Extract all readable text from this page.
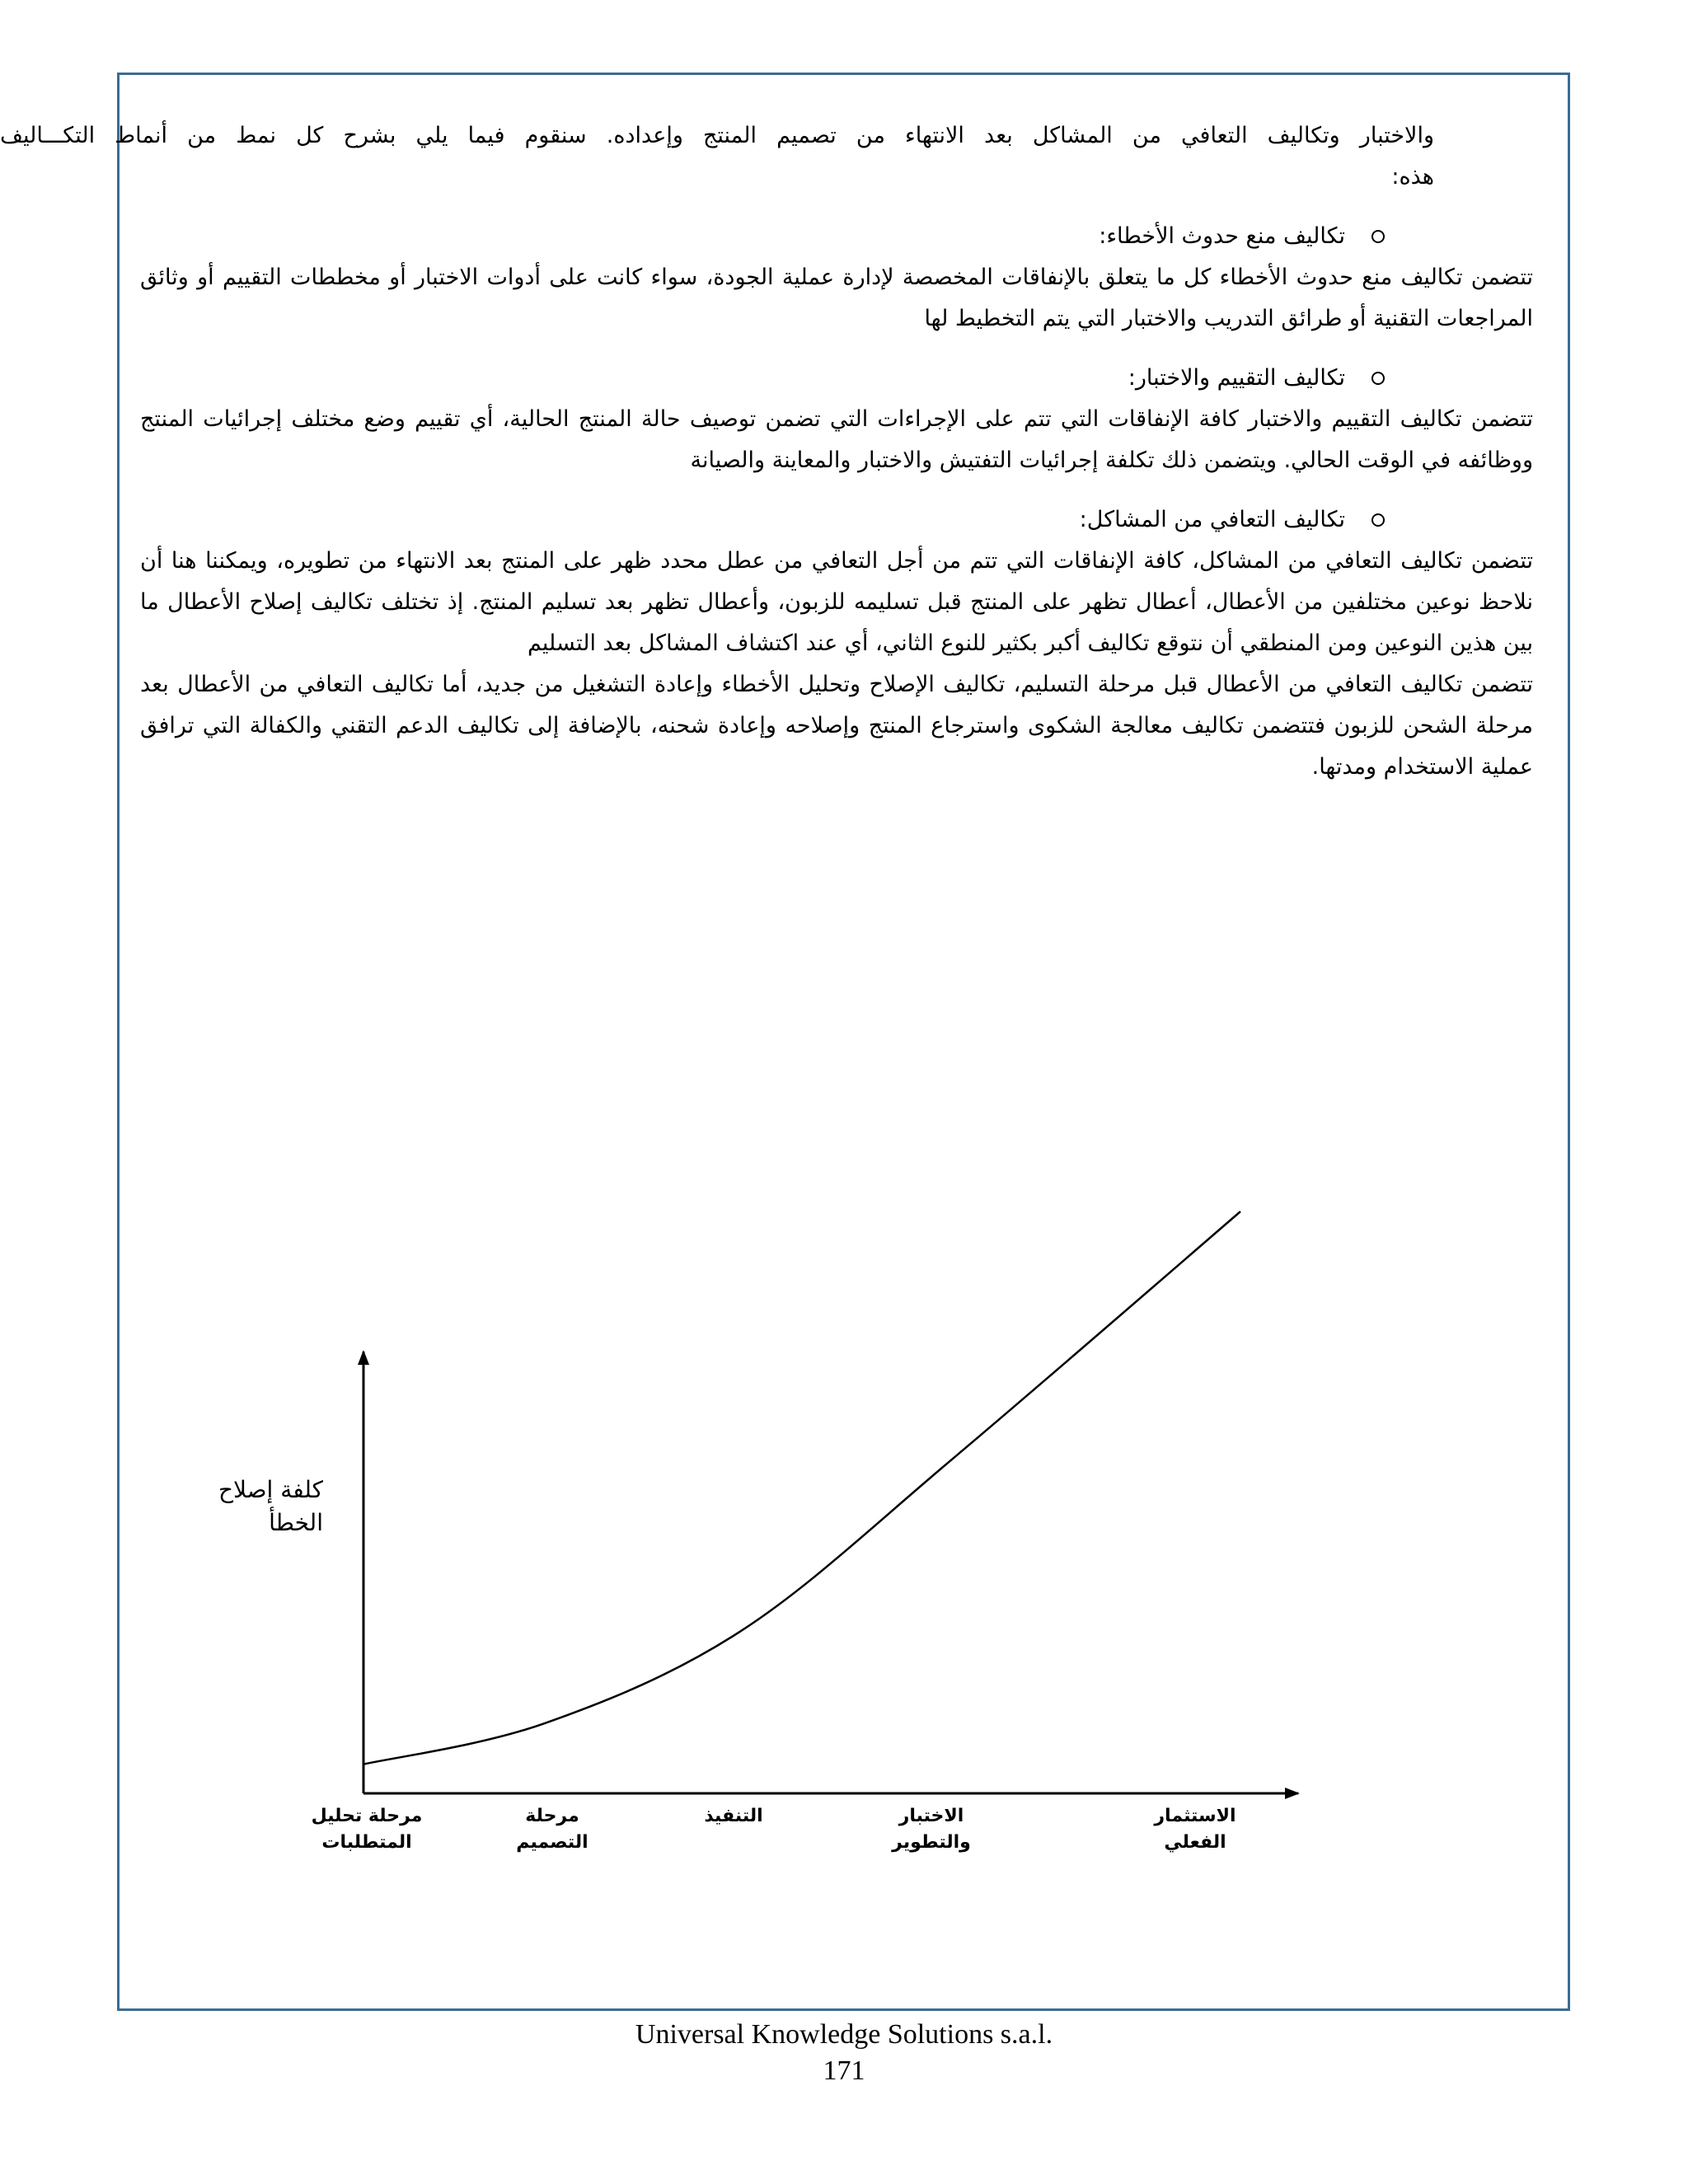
والاختبار وتكاليف التعافي من المشاكل بعد الانتهاء من تصميم المنتج وإعداده. سنقوم فيما يلي بشرح كل نمط من أنماط التكـــاليف

هذه:

تكاليف منع حدوث الأخطاء:

تتضمن تكاليف منع حدوث الأخطاء كل ما يتعلق بالإنفاقات المخصصة لإدارة عملية الجودة، سواء كانت على أدوات الاختبار أو مخططات التقييم أو وثائق المراجعات التقنية أو طرائق التدريب والاختبار التي يتم التخطيط لها

تكاليف التقييم والاختبار:

تتضمن تكاليف التقييم والاختبار كافة الإنفاقات التي تتم على الإجراءات التي تضمن توصيف حالة المنتج الحالية، أي تقييم وضع مختلف إجرائيات المنتج ووظائفه في الوقت الحالي. ويتضمن ذلك تكلفة إجرائيات التفتيش والاختبار والمعاينة والصيانة

تكاليف التعافي من المشاكل:

تتضمن تكاليف التعافي من المشاكل، كافة الإنفاقات التي تتم من أجل التعافي من عطل محدد ظهر على المنتج بعد الانتهاء من تطويره، ويمكننا هنا أن نلاحظ نوعين مختلفين من الأعطال، أعطال تظهر على المنتج قبل تسليمه للزبون، وأعطال تظهر بعد تسليم المنتج. إذ تختلف تكاليف إصلاح الأعطال ما بين هذين النوعين ومن المنطقي أن نتوقع تكاليف أكبر بكثير للنوع الثاني، أي عند اكتشاف المشاكل بعد التسليم

تتضمن تكاليف التعافي من الأعطال قبل مرحلة التسليم، تكاليف الإصلاح وتحليل الأخطاء وإعادة التشغيل من جديد، أما تكاليف التعافي من الأعطال بعد مرحلة الشحن للزبون فتتضمن تكاليف معالجة الشكوى واسترجاع المنتج وإصلاحه وإعادة شحنه، بالإضافة إلى تكاليف الدعم التقني والكفالة التي ترافق عملية الاستخدام ومدتها.

كلفة إصلاح
الخطأ
مرحلة تحليل
المتطلبات
مرحلة
التصميم
التنفيذ	الاختبار
والتطوير
الاستثمار
الفعلي
Universal Knowledge Solutions s.a.l.
171
